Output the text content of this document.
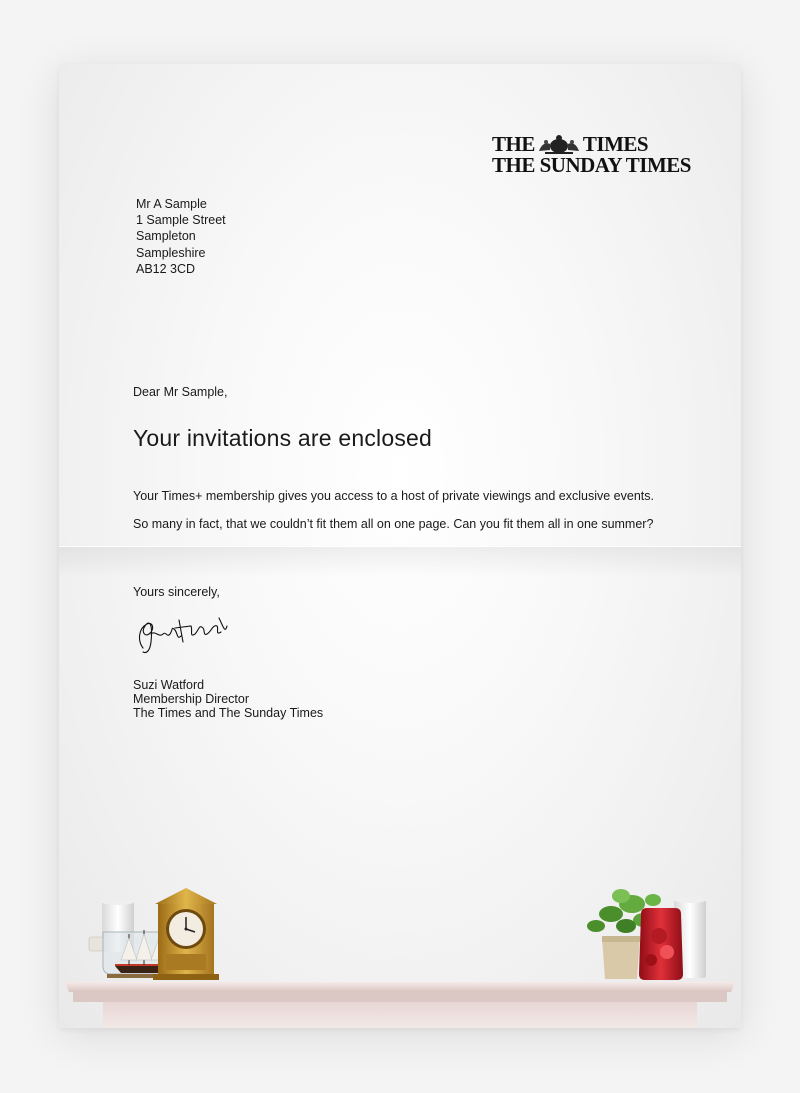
THE TIMES
THE SUNDAY TIMES
Mr A Sample
1 Sample Street
Sampleton
Sampleshire
AB12 3CD
Dear Mr Sample,
Your invitations are enclosed
Your Times+ membership gives you access to a host of private viewings and exclusive events.
So many in fact, that we couldn’t fit them all on one page. Can you fit them all in one summer?
Yours sincerely,
Suzi Watford
Membership Director
The Times and The Sunday Times
